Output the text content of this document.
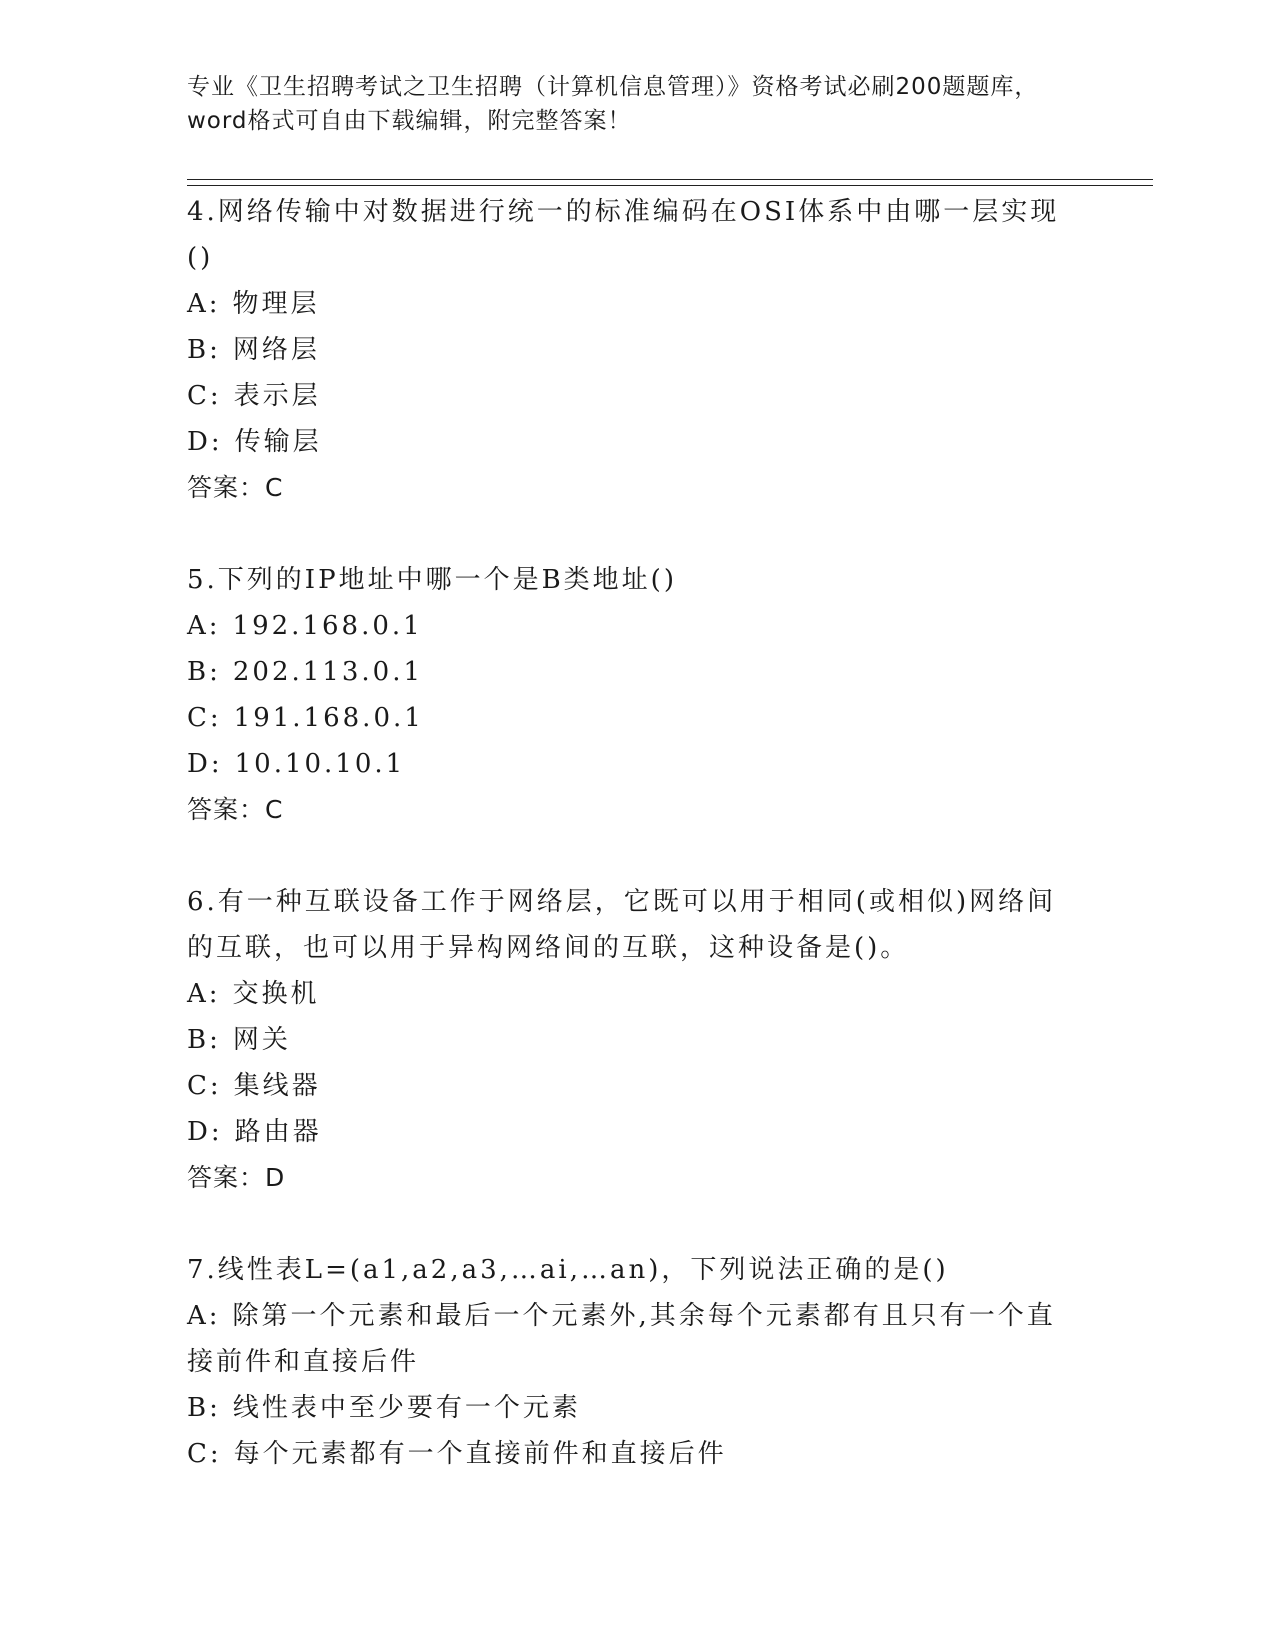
专业《卫生招聘考试之卫生招聘（计算机信息管理）》资格考试必刷200题题库，
word格式可自由下载编辑，附完整答案！
4.网络传输中对数据进行统一的标准编码在OSI体系中由哪一层实现
()
A: 物理层
B: 网络层
C: 表示层
D: 传输层
答案：C
5.下列的IP地址中哪一个是B类地址()
A: 192.168.0.1
B: 202.113.0.1
C: 191.168.0.1
D: 10.10.10.1
答案：C
6.有一种互联设备工作于网络层，它既可以用于相同(或相似)网络间
的互联，也可以用于异构网络间的互联，这种设备是()。
A: 交换机
B: 网关
C: 集线器
D: 路由器
答案：D
7.线性表L=(a1,a2,a3,…ai,…an)，下列说法正确的是()
A: 除第一个元素和最后一个元素外,其余每个元素都有且只有一个直
接前件和直接后件
B: 线性表中至少要有一个元素
C: 每个元素都有一个直接前件和直接后件
